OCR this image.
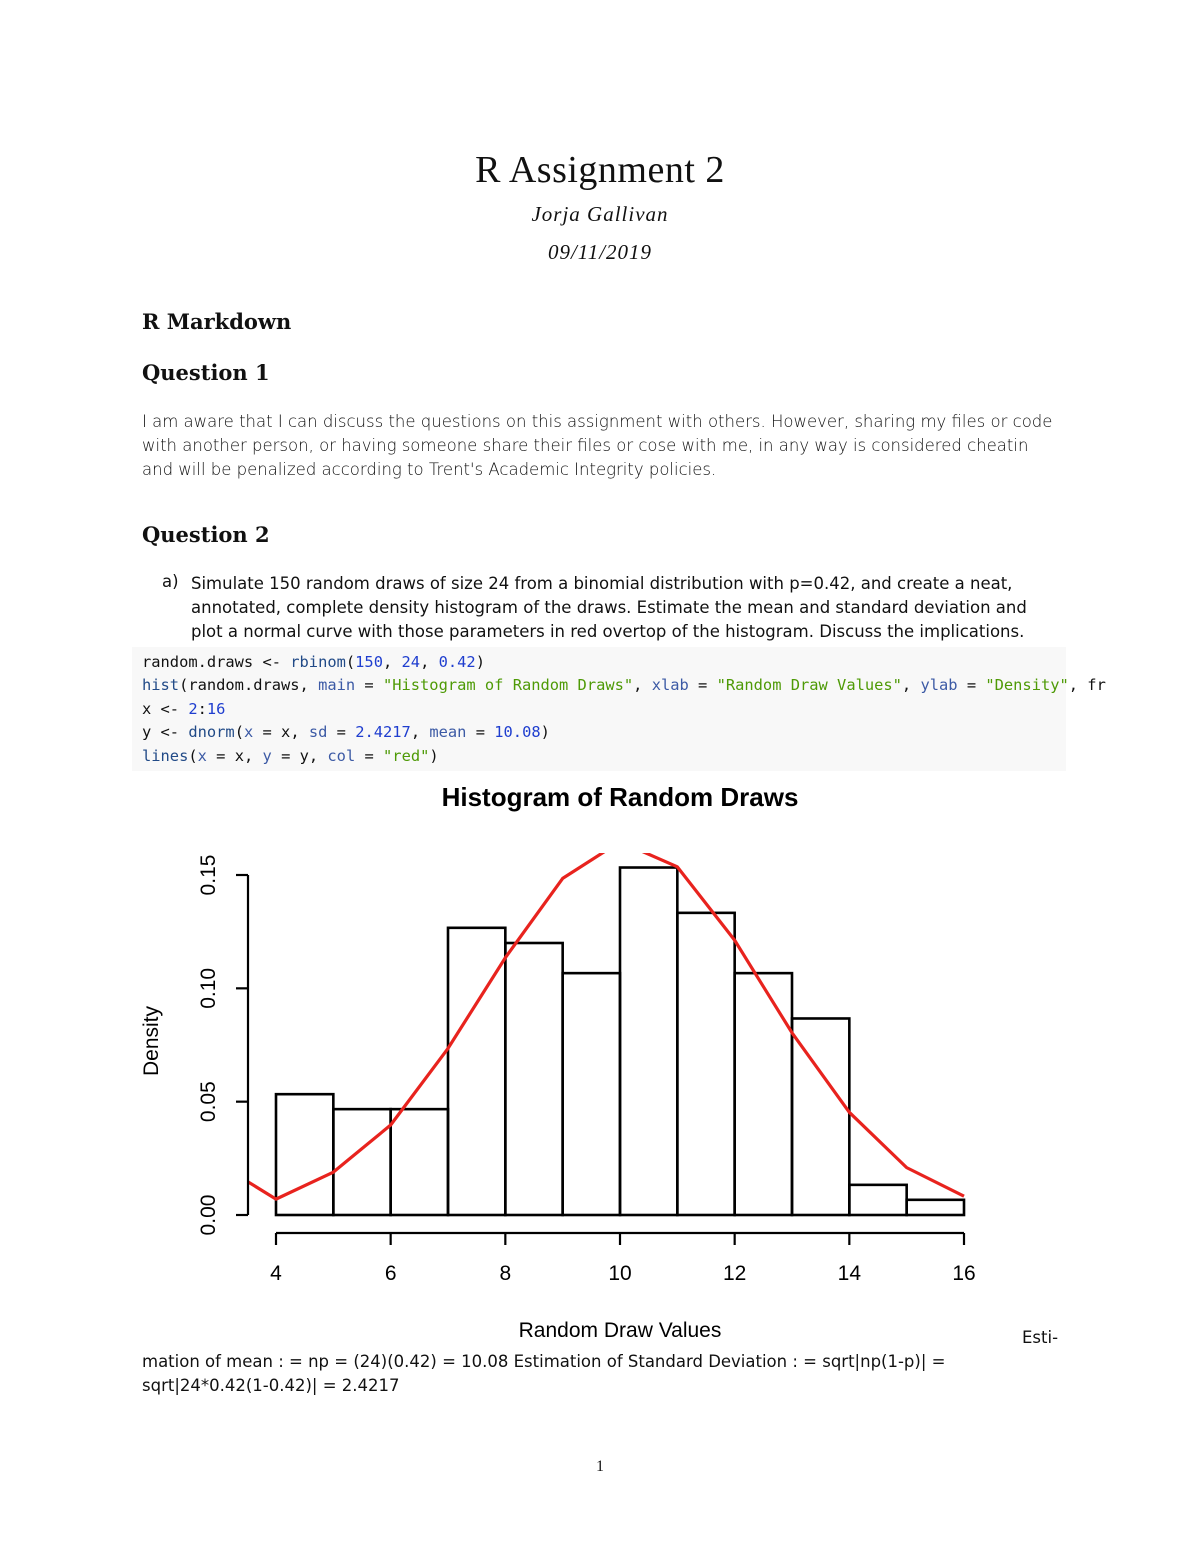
R Assignment 2
Jorja Gallivan
09/11/2019
R Markdown
Question 1
I am aware that I can discuss the questions on this assignment with others. However, sharing my files or code
with another person, or having someone share their files or cose with me, in any way is considered cheatin
and will be penalized according to Trent's Academic Integrity policies.
Question 2
a) Simulate 150 random draws of size 24 from a binomial distribution with p=0.42, and create a neat,
annotated, complete density histogram of the draws. Estimate the mean and standard deviation and
plot a normal curve with those parameters in red overtop of the histogram. Discuss the implications.
random.draws <- rbinom(150, 24, 0.42)
hist(random.draws, main = "Histogram of Random Draws", xlab = "Random Draw Values", ylab = "Density", fr
x <- 2:16
y <- dnorm(x = x, sd = 2.4217, mean = 10.08)
lines(x = x, y = y, col = "red")
Histogram of Random Draws
4	6	8	10	12	14	16
Random Draw Values
0.00
0.05
0.10
0.15
Density
Esti-
mation of mean : = np = (24)(0.42) = 10.08 Estimation of Standard Deviation : = sqrt|np(1-p)| =
sqrt|24*0.42(1-0.42)| = 2.4217
1
